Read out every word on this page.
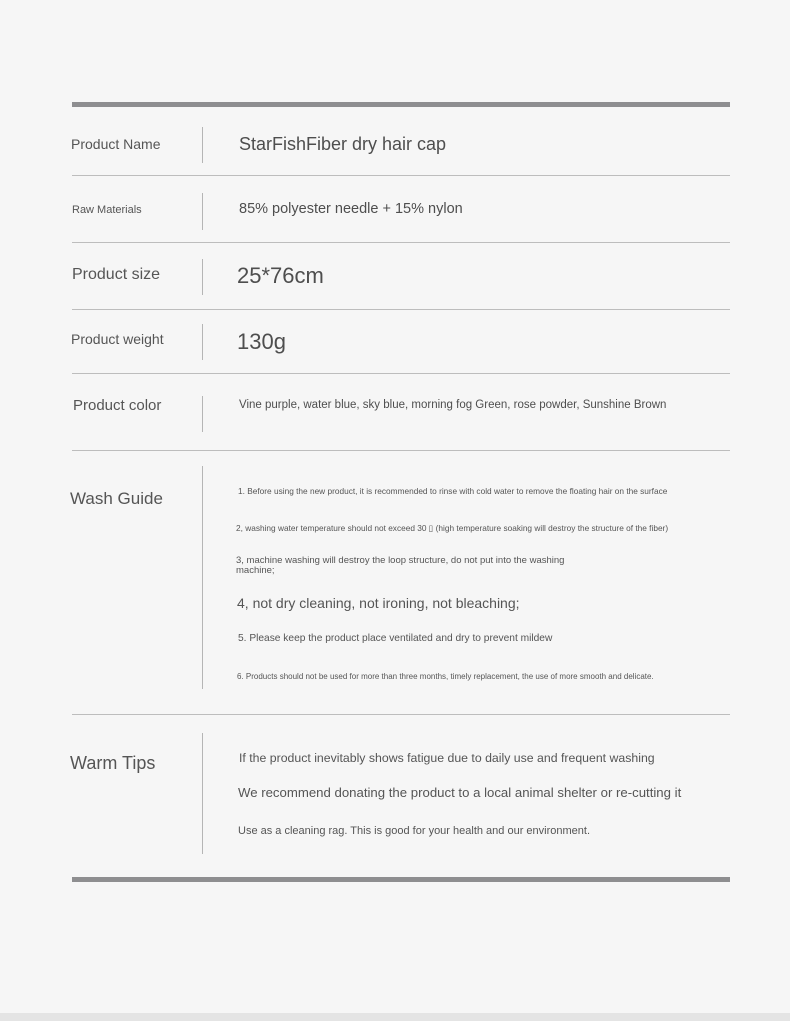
Product Name	StarFishFiber dry hair cap
Raw Materials	85% polyester needle + 15% nylon
Product size	25*76cm
Product weight	130g
Product color	Vine purple, water blue, sky blue, morning fog Green, rose powder, Sunshine Brown
Wash Guide	1. Before using the new product, it is recommended to rinse with cold water to remove the floating hair on the surface
2, washing water temperature should not exceed 30 ▯ (high temperature soaking will destroy the structure of the fiber)
3, machine washing will destroy the loop structure, do not put into the washing machine;
4, not dry cleaning, not ironing, not bleaching;
5. Please keep the product place ventilated and dry to prevent mildew
6. Products should not be used for more than three months, timely replacement, the use of more smooth and delicate.
Warm Tips	If the product inevitably shows fatigue due to daily use and frequent washing
We recommend donating the product to a local animal shelter or re-cutting it
Use as a cleaning rag. This is good for your health and our environment.
